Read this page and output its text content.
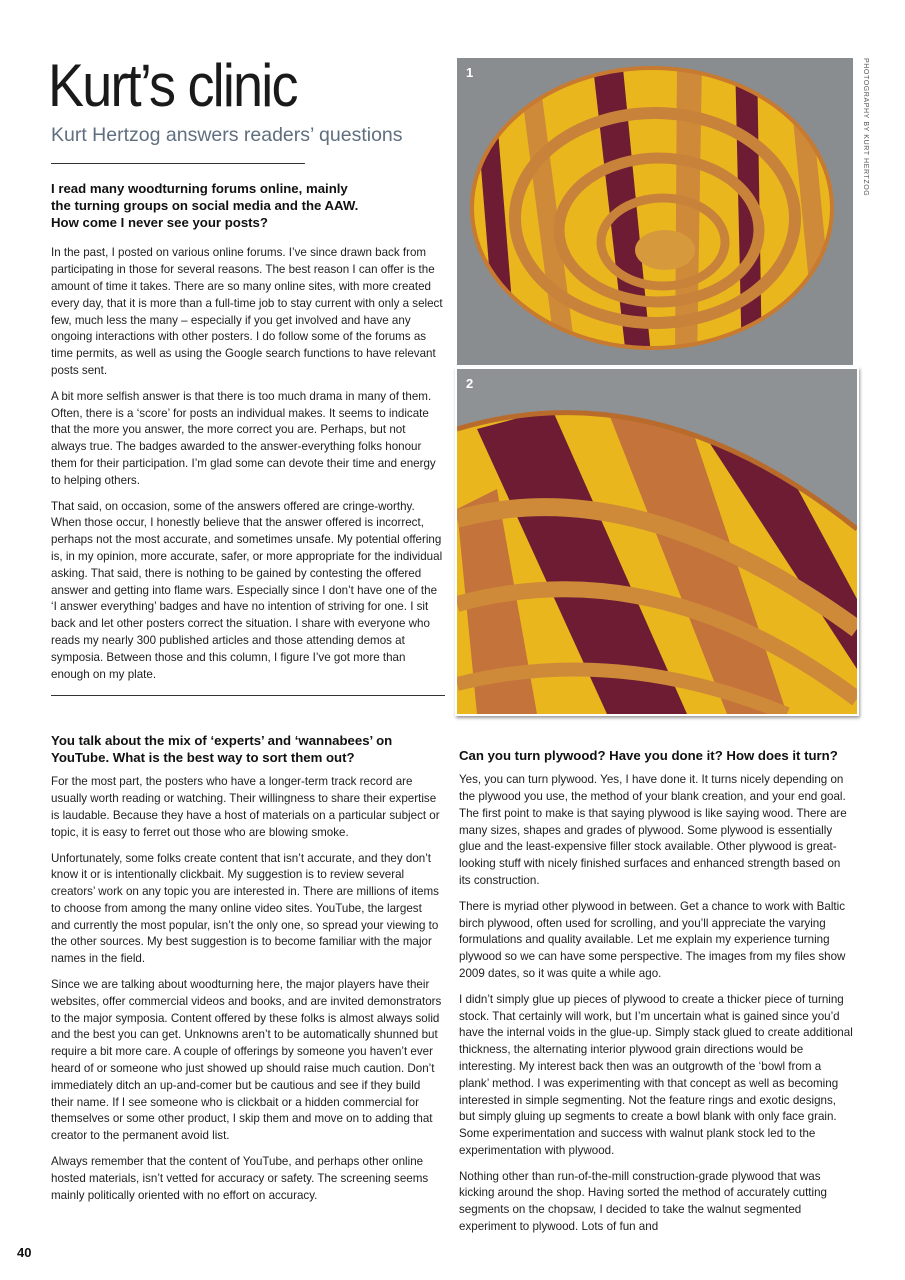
Kurt’s clinic

Kurt Hertzog answers readers’ questions

1
2
PHOTOGRAPHY BY KURT HERTZOG
I read many woodturning forums online, mainly the turning groups on social media and the AAW. How come I never see your posts?

In the past, I posted on various online forums. I’ve since drawn back from participating in those for several reasons. The best reason I can offer is the amount of time it takes. There are so many online sites, with more created every day, that it is more than a full-time job to stay current with only a select few, much less the many – especially if you get involved and have any ongoing interactions with other posters. I do follow some of the forums as time permits, as well as using the Google search functions to have relevant posts sent.

A bit more selfish answer is that there is too much drama in many of them. Often, there is a ‘score’ for posts an individual makes. It seems to indicate that the more you answer, the more correct you are. Perhaps, but not always true. The badges awarded to the answer-everything folks honour them for their participation. I’m glad some can devote their time and energy to helping others.

That said, on occasion, some of the answers offered are cringe-worthy. When those occur, I honestly believe that the answer offered is incorrect, perhaps not the most accurate, and sometimes unsafe. My potential offering is, in my opinion, more accurate, safer, or more appropriate for the individual asking. That said, there is nothing to be gained by contesting the offered answer and getting into flame wars. Especially since I don’t have one of the ‘I answer everything’ badges and have no intention of striving for one. I sit back and let other posters correct the situation. I share with everyone who reads my nearly 300 published articles and those attending demos at symposia. Between those and this column, I figure I’ve got more than enough on my plate.

You talk about the mix of ‘experts’ and ‘wannabees’ on YouTube. What is the best way to sort them out?

For the most part, the posters who have a longer-term track record are usually worth reading or watching. Their willingness to share their expertise is laudable. Because they have a host of materials on a particular subject or topic, it is easy to ferret out those who are blowing smoke.

Unfortunately, some folks create content that isn’t accurate, and they don’t know it or is intentionally clickbait. My suggestion is to review several creators’ work on any topic you are interested in. There are millions of items to choose from among the many online video sites. YouTube, the largest and currently the most popular, isn’t the only one, so spread your viewing to the other sources. My best suggestion is to become familiar with the major names in the field.

Since we are talking about woodturning here, the major players have their websites, offer commercial videos and books, and are invited demonstrators to the major symposia. Content offered by these folks is almost always solid and the best you can get. Unknowns aren’t to be automatically shunned but require a bit more care. A couple of offerings by someone you haven’t ever heard of or someone who just showed up should raise much caution. Don’t immediately ditch an up-and-comer but be cautious and see if they build their name. If I see someone who is clickbait or a hidden commercial for themselves or some other product, I skip them and move on to adding that creator to the permanent avoid list.

Always remember that the content of YouTube, and perhaps other online hosted materials, isn’t vetted for accuracy or safety. The screening seems mainly politically oriented with no effort on accuracy.

Can you turn plywood? Have you done it? How does it turn?

Yes, you can turn plywood. Yes, I have done it. It turns nicely depending on the plywood you use, the method of your blank creation, and your end goal. The first point to make is that saying plywood is like saying wood. There are many sizes, shapes and grades of plywood. Some plywood is essentially glue and the least-expensive filler stock available. Other plywood is great-looking stuff with nicely finished surfaces and enhanced strength based on its construction.

There is myriad other plywood in between. Get a chance to work with Baltic birch plywood, often used for scrolling, and you’ll appreciate the varying formulations and quality available. Let me explain my experience turning plywood so we can have some perspective. The images from my files show 2009 dates, so it was quite a while ago.

I didn’t simply glue up pieces of plywood to create a thicker piece of turning stock. That certainly will work, but I’m uncertain what is gained since you’d have the internal voids in the glue-up. Simply stack glued to create additional thickness, the alternating interior plywood grain directions would be interesting. My interest back then was an outgrowth of the ‘bowl from a plank’ method. I was experimenting with that concept as well as becoming interested in simple segmenting. Not the feature rings and exotic designs, but simply gluing up segments to create a bowl blank with only face grain. Some experimentation and success with walnut plank stock led to the experimentation with plywood.

Nothing other than run-of-the-mill construction-grade plywood that was kicking around the shop. Having sorted the method of accurately cutting segments on the chopsaw, I decided to take the walnut segmented experiment to plywood. Lots of fun and

40
